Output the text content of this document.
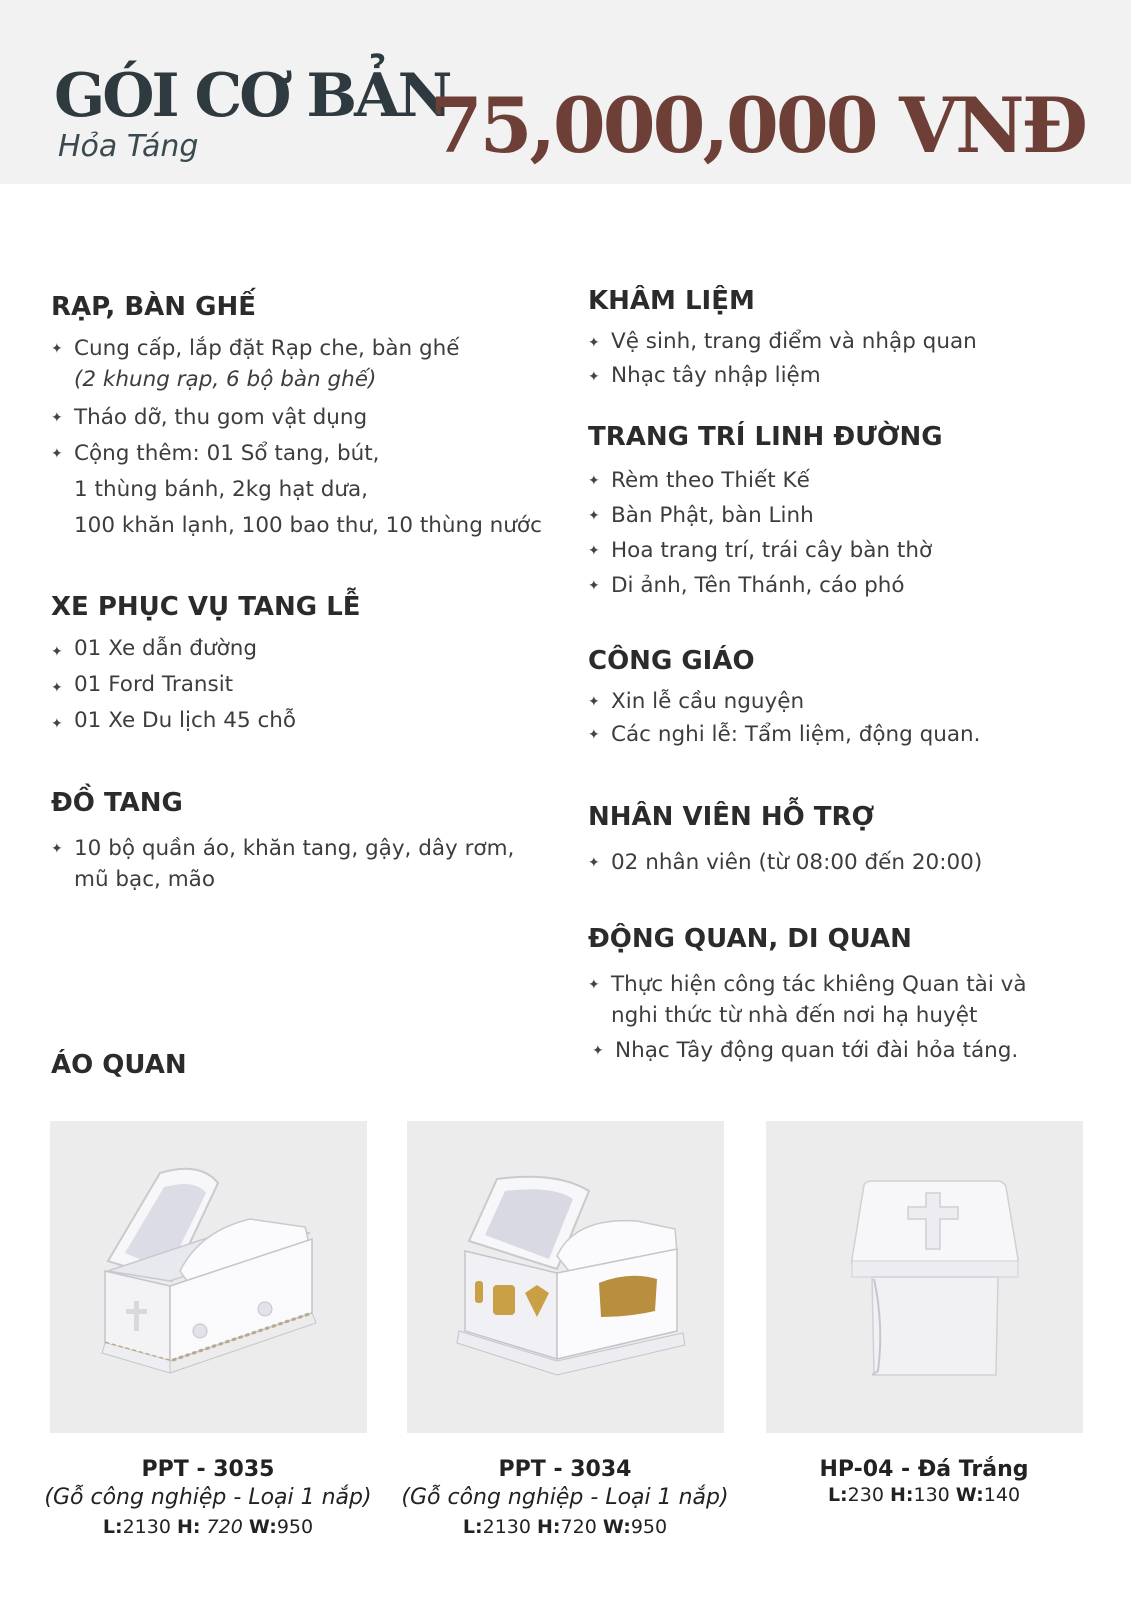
GÓI CƠ BẢN
Hỏa Táng	75,000,000 VNĐ
RẠP, BÀN GHẾ
✦ Cung cấp, lắp đặt Rạp che, bàn ghế
(2 khung rạp, 6 bộ bàn ghế)
✦ Tháo dỡ, thu gom vật dụng
✦ Cộng thêm: 01 Sổ tang, bút,
1 thùng bánh, 2kg hạt dưa,
100 khăn lạnh, 100 bao thư, 10 thùng nước
XE PHỤC VỤ TANG LỄ
✦ 01 Xe dẫn đường
✦ 01 Ford Transit
✦ 01 Xe Du lịch 45 chỗ
ĐỒ TANG
✦ 10 bộ quần áo, khăn tang, gậy, dây rơm,
mũ bạc, mão
ÁO QUAN
KHÂM LIỆM
✦ Vệ sinh, trang điểm và nhập quan
✦ Nhạc tây nhập liệm
TRANG TRÍ LINH ĐƯỜNG
✦ Rèm theo Thiết Kế
✦ Bàn Phật, bàn Linh
✦ Hoa trang trí, trái cây bàn thờ
✦ Di ảnh, Tên Thánh, cáo phó
CÔNG GIÁO
✦ Xin lễ cầu nguyện
✦ Các nghi lễ: Tẩm liệm, động quan.
NHÂN VIÊN HỖ TRỢ
✦ 02 nhân viên (từ 08:00 đến 20:00)
ĐỘNG QUAN, DI QUAN
✦ Thực hiện công tác khiêng Quan tài và
nghi thức từ nhà đến nơi hạ huyệt
✦ Nhạc Tây động quan tới đài hỏa táng.
PPT - 3035
(Gỗ công nghiệp - Loại 1 nắp)
L:2130 H: 720 W:950
PPT - 3034
(Gỗ công nghiệp - Loại 1 nắp)
L:2130 H:720 W:950
HP-04 - Đá Trắng
L:230 H:130 W:140
